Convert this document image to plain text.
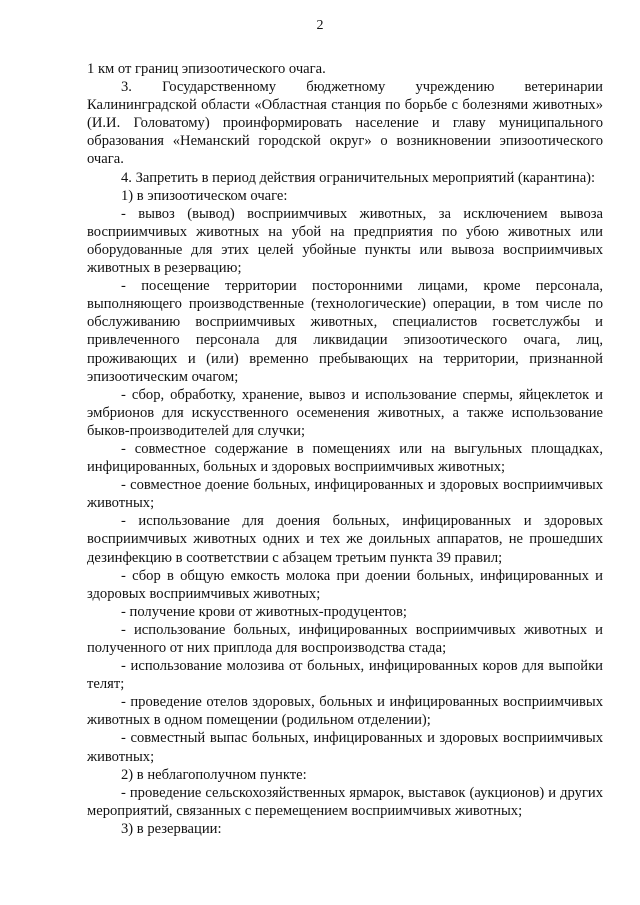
2

1 км от границ эпизоотического очага.

3. Государственному бюджетному учреждению ветеринарии Калининградской области «Областная станция по борьбе с болезнями животных» (И.И. Головатому) проинформировать население и главу муниципального образования «Неманский городской округ» о возникновении эпизоотического очага.

4. Запретить в период действия ограничительных мероприятий (карантина):

1) в эпизоотическом очаге:

- вывоз (вывод) восприимчивых животных, за исключением вывоза восприимчивых животных на убой на предприятия по убою животных или оборудованные для этих целей убойные пункты или вывоза восприимчивых животных в резервацию;

- посещение территории посторонними лицами, кроме персонала, выполняющего производственные (технологические) операции, в том числе по обслуживанию восприимчивых животных, специалистов госветслужбы и привлеченного персонала для ликвидации эпизоотического очага, лиц, проживающих и (или) временно пребывающих на территории, признанной эпизоотическим очагом;

- сбор, обработку, хранение, вывоз и использование спермы, яйцеклеток и эмбрионов для искусственного осеменения животных, а также использование быков-производителей для случки;

- совместное содержание в помещениях или на выгульных площадках, инфицированных, больных и здоровых восприимчивых животных;

- совместное доение больных, инфицированных и здоровых восприимчивых животных;

- использование для доения больных, инфицированных и здоровых восприимчивых животных одних и тех же доильных аппаратов, не прошедших дезинфекцию в соответствии с абзацем третьим пункта 39 правил;

- сбор в общую емкость молока при доении больных, инфицированных и здоровых восприимчивых животных;

- получение крови от животных-продуцентов;

- использование больных, инфицированных восприимчивых животных и полученного от них приплода для воспроизводства стада;

- использование молозива от больных, инфицированных коров для выпойки телят;

- проведение отелов здоровых, больных и инфицированных восприимчивых животных в одном помещении (родильном отделении);

- совместный выпас больных, инфицированных и здоровых восприимчивых животных;

2) в неблагополучном пункте:

- проведение сельскохозяйственных ярмарок, выставок (аукционов) и других мероприятий, связанных с перемещением восприимчивых животных;

3) в резервации:
